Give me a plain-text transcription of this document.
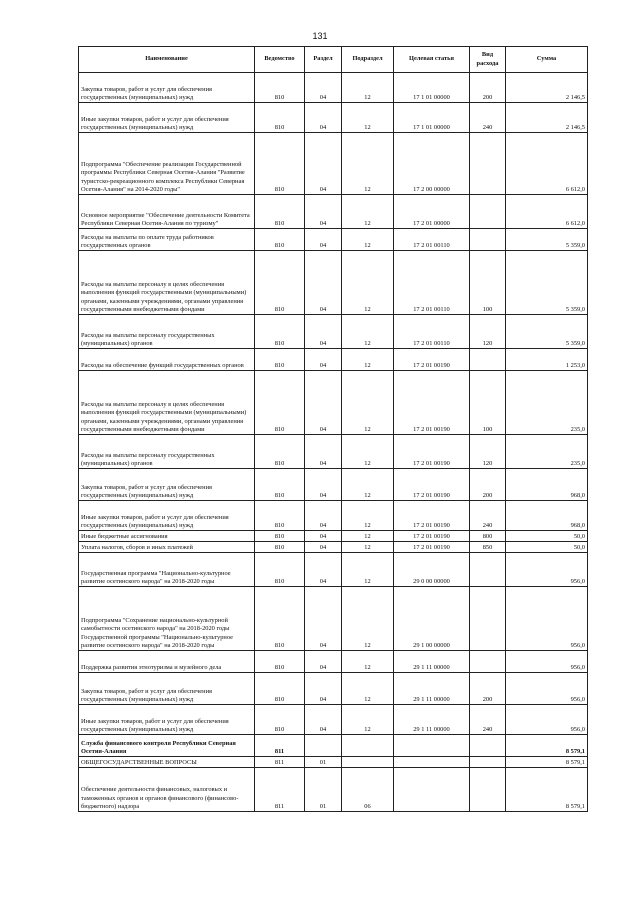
131
Наименование	Ведомство	Раздел	Подраздел	Целевая статья	Вид расхода	Сумма
Закупка товаров, работ и услуг для обеспечения государственных (муниципальных) нужд	810	04	12	17 1 01 00000	200	2 146,5
Иные закупки товаров, работ и услуг для обеспечения государственных (муниципальных) нужд	810	04	12	17 1 01 00000	240	2 146,5
Подпрограмма "Обеспечение реализации Государственной программы Республики Северная Осетия-Алания "Развитие туристско-рекреационного комплекса Республики Северная Осетия-Алания" на 2014-2020 годы"	810	04	12	17 2 00 00000		6 612,0
Основное мероприятие "Обеспечение деятельности Комитета Республики Северная Осетия-Алания по туризму"	810	04	12	17 2 01 00000		6 612,0
Расходы на выплаты по оплате труда работников государственных органов	810	04	12	17 2 01 00110		5 359,0
Расходы на выплаты персоналу в целях обеспечения выполнения функций государственными (муниципальными) органами, казенными учреждениями, органами управления государственными внебюджетными фондами	810	04	12	17 2 01 00110	100	5 359,0
Расходы на выплаты персоналу государственных (муниципальных) органов	810	04	12	17 2 01 00110	120	5 359,0
Расходы на обеспечение функций государственных органов	810	04	12	17 2 01 00190		1 253,0
Расходы на выплаты персоналу в целях обеспечения выполнения функций государственными (муниципальными) органами, казенными учреждениями, органами управления государственными внебюджетными фондами	810	04	12	17 2 01 00190	100	235,0
Расходы на выплаты персоналу государственных (муниципальных) органов	810	04	12	17 2 01 00190	120	235,0
Закупка товаров, работ и услуг для обеспечения государственных (муниципальных) нужд	810	04	12	17 2 01 00190	200	968,0
Иные закупки товаров, работ и услуг для обеспечения государственных (муниципальных) нужд	810	04	12	17 2 01 00190	240	968,0
Иные бюджетные ассигнования	810	04	12	17 2 01 00190	800	50,0
Уплата налогов, сборов и иных платежей	810	04	12	17 2 01 00190	850	50,0
Государственная программа "Национально-культурное развитие осетинского народа" на 2018-2020 годы	810	04	12	29 0 00 00000		956,0
Подпрограмма "Сохранение национально-культурной самобытности осетинского народа" на 2018-2020 годы Государственной программы "Национально-культурное развитие осетинского народа" на 2018-2020 годы	810	04	12	29 1 00 00000		956,0
Поддержка развития этнотуризма и музейного дела	810	04	12	29 1 11 00000		956,0
Закупка товаров, работ и услуг для обеспечения государственных (муниципальных) нужд	810	04	12	29 1 11 00000	200	956,0
Иные закупки товаров, работ и услуг для обеспечения государственных (муниципальных) нужд	810	04	12	29 1 11 00000	240	956,0
Служба финансового контроля Республики Северная Осетия-Алания	811					8 579,1
ОБЩЕГОСУДАРСТВЕННЫЕ ВОПРОСЫ	811	01				8 579,1
Обеспечение деятельности финансовых, налоговых и таможенных органов и органов финансового (финансово-бюджетного) надзора	811	01	06			8 579,1
